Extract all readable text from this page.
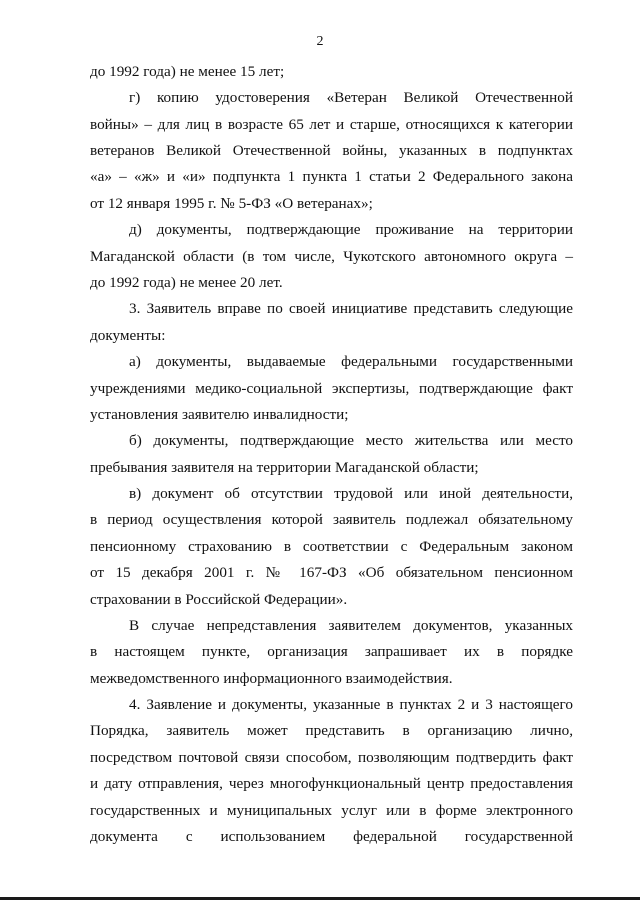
2
до 1992 года) не менее 15 лет;
г) копию удостоверения «Ветеран Великой Отечественной
войны» – для лиц в возрасте 65 лет и старше, относящихся к категории
ветеранов Великой Отечественной войны, указанных в подпунктах
«а» – «ж» и «и» подпункта 1 пункта 1 статьи 2 Федерального закона
от 12 января 1995 г. № 5-ФЗ «О ветеранах»;
д) документы, подтверждающие проживание на территории
Магаданской области (в том числе, Чукотского автономного округа –
до 1992 года) не менее 20 лет.
3. Заявитель вправе по своей инициативе представить следующие
документы:
а) документы, выдаваемые федеральными государственными
учреждениями медико-социальной экспертизы, подтверждающие факт
установления заявителю инвалидности;
б) документы, подтверждающие место жительства или место
пребывания заявителя на территории Магаданской области;
в) документ об отсутствии трудовой или иной деятельности,
в период осуществления которой заявитель подлежал обязательному
пенсионному страхованию в соответствии с Федеральным законом
от 15 декабря 2001 г. № 167-ФЗ «Об обязательном пенсионном
страховании в Российской Федерации».
В случае непредставления заявителем документов, указанных
в настоящем пункте, организация запрашивает их в порядке
межведомственного информационного взаимодействия.
4. Заявление и документы, указанные в пунктах 2 и 3 настоящего
Порядка, заявитель может представить в организацию лично,
посредством почтовой связи способом, позволяющим подтвердить факт
и дату отправления, через многофункциональный центр предоставления
государственных и муниципальных услуг или в форме электронного
документа с использованием федеральной государственной
